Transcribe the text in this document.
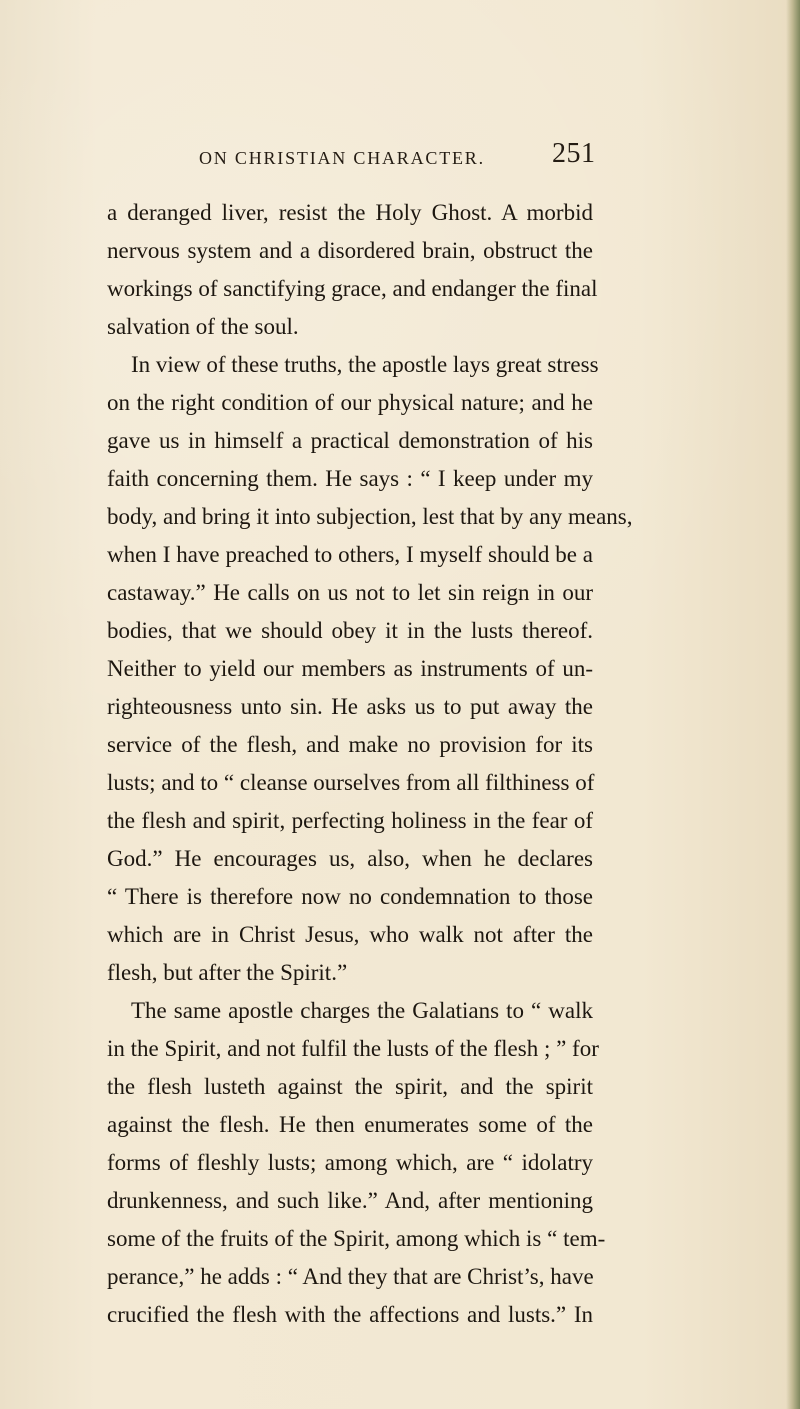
ON CHRISTIAN CHARACTER. 251
a deranged liver, resist the Holy Ghost. A morbid
nervous system and a disordered brain, obstruct the
workings of sanctifying grace, and endanger the final
salvation of the soul.
In view of these truths, the apostle lays great stress
on the right condition of our physical nature; and he
gave us in himself a practical demonstration of his
faith concerning them. He says : “ I keep under my
body, and bring it into subjection, lest that by any means,
when I have preached to others, I myself should be a
castaway.” He calls on us not to let sin reign in our
bodies, that we should obey it in the lusts thereof.
Neither to yield our members as instruments of un-
righteousness unto sin. He asks us to put away the
service of the flesh, and make no provision for its
lusts; and to “ cleanse ourselves from all filthiness of
the flesh and spirit, perfecting holiness in the fear of
God.” He encourages us, also, when he declares
“ There is therefore now no condemnation to those
which are in Christ Jesus, who walk not after the
flesh, but after the Spirit.”
The same apostle charges the Galatians to “ walk
in the Spirit, and not fulfil the lusts of the flesh ; ” for
the flesh lusteth against the spirit, and the spirit
against the flesh. He then enumerates some of the
forms of fleshly lusts; among which, are “ idolatry
drunkenness, and such like.” And, after mentioning
some of the fruits of the Spirit, among which is “ tem-
perance,” he adds : “ And they that are Christ’s, have
crucified the flesh with the affections and lusts.” In
